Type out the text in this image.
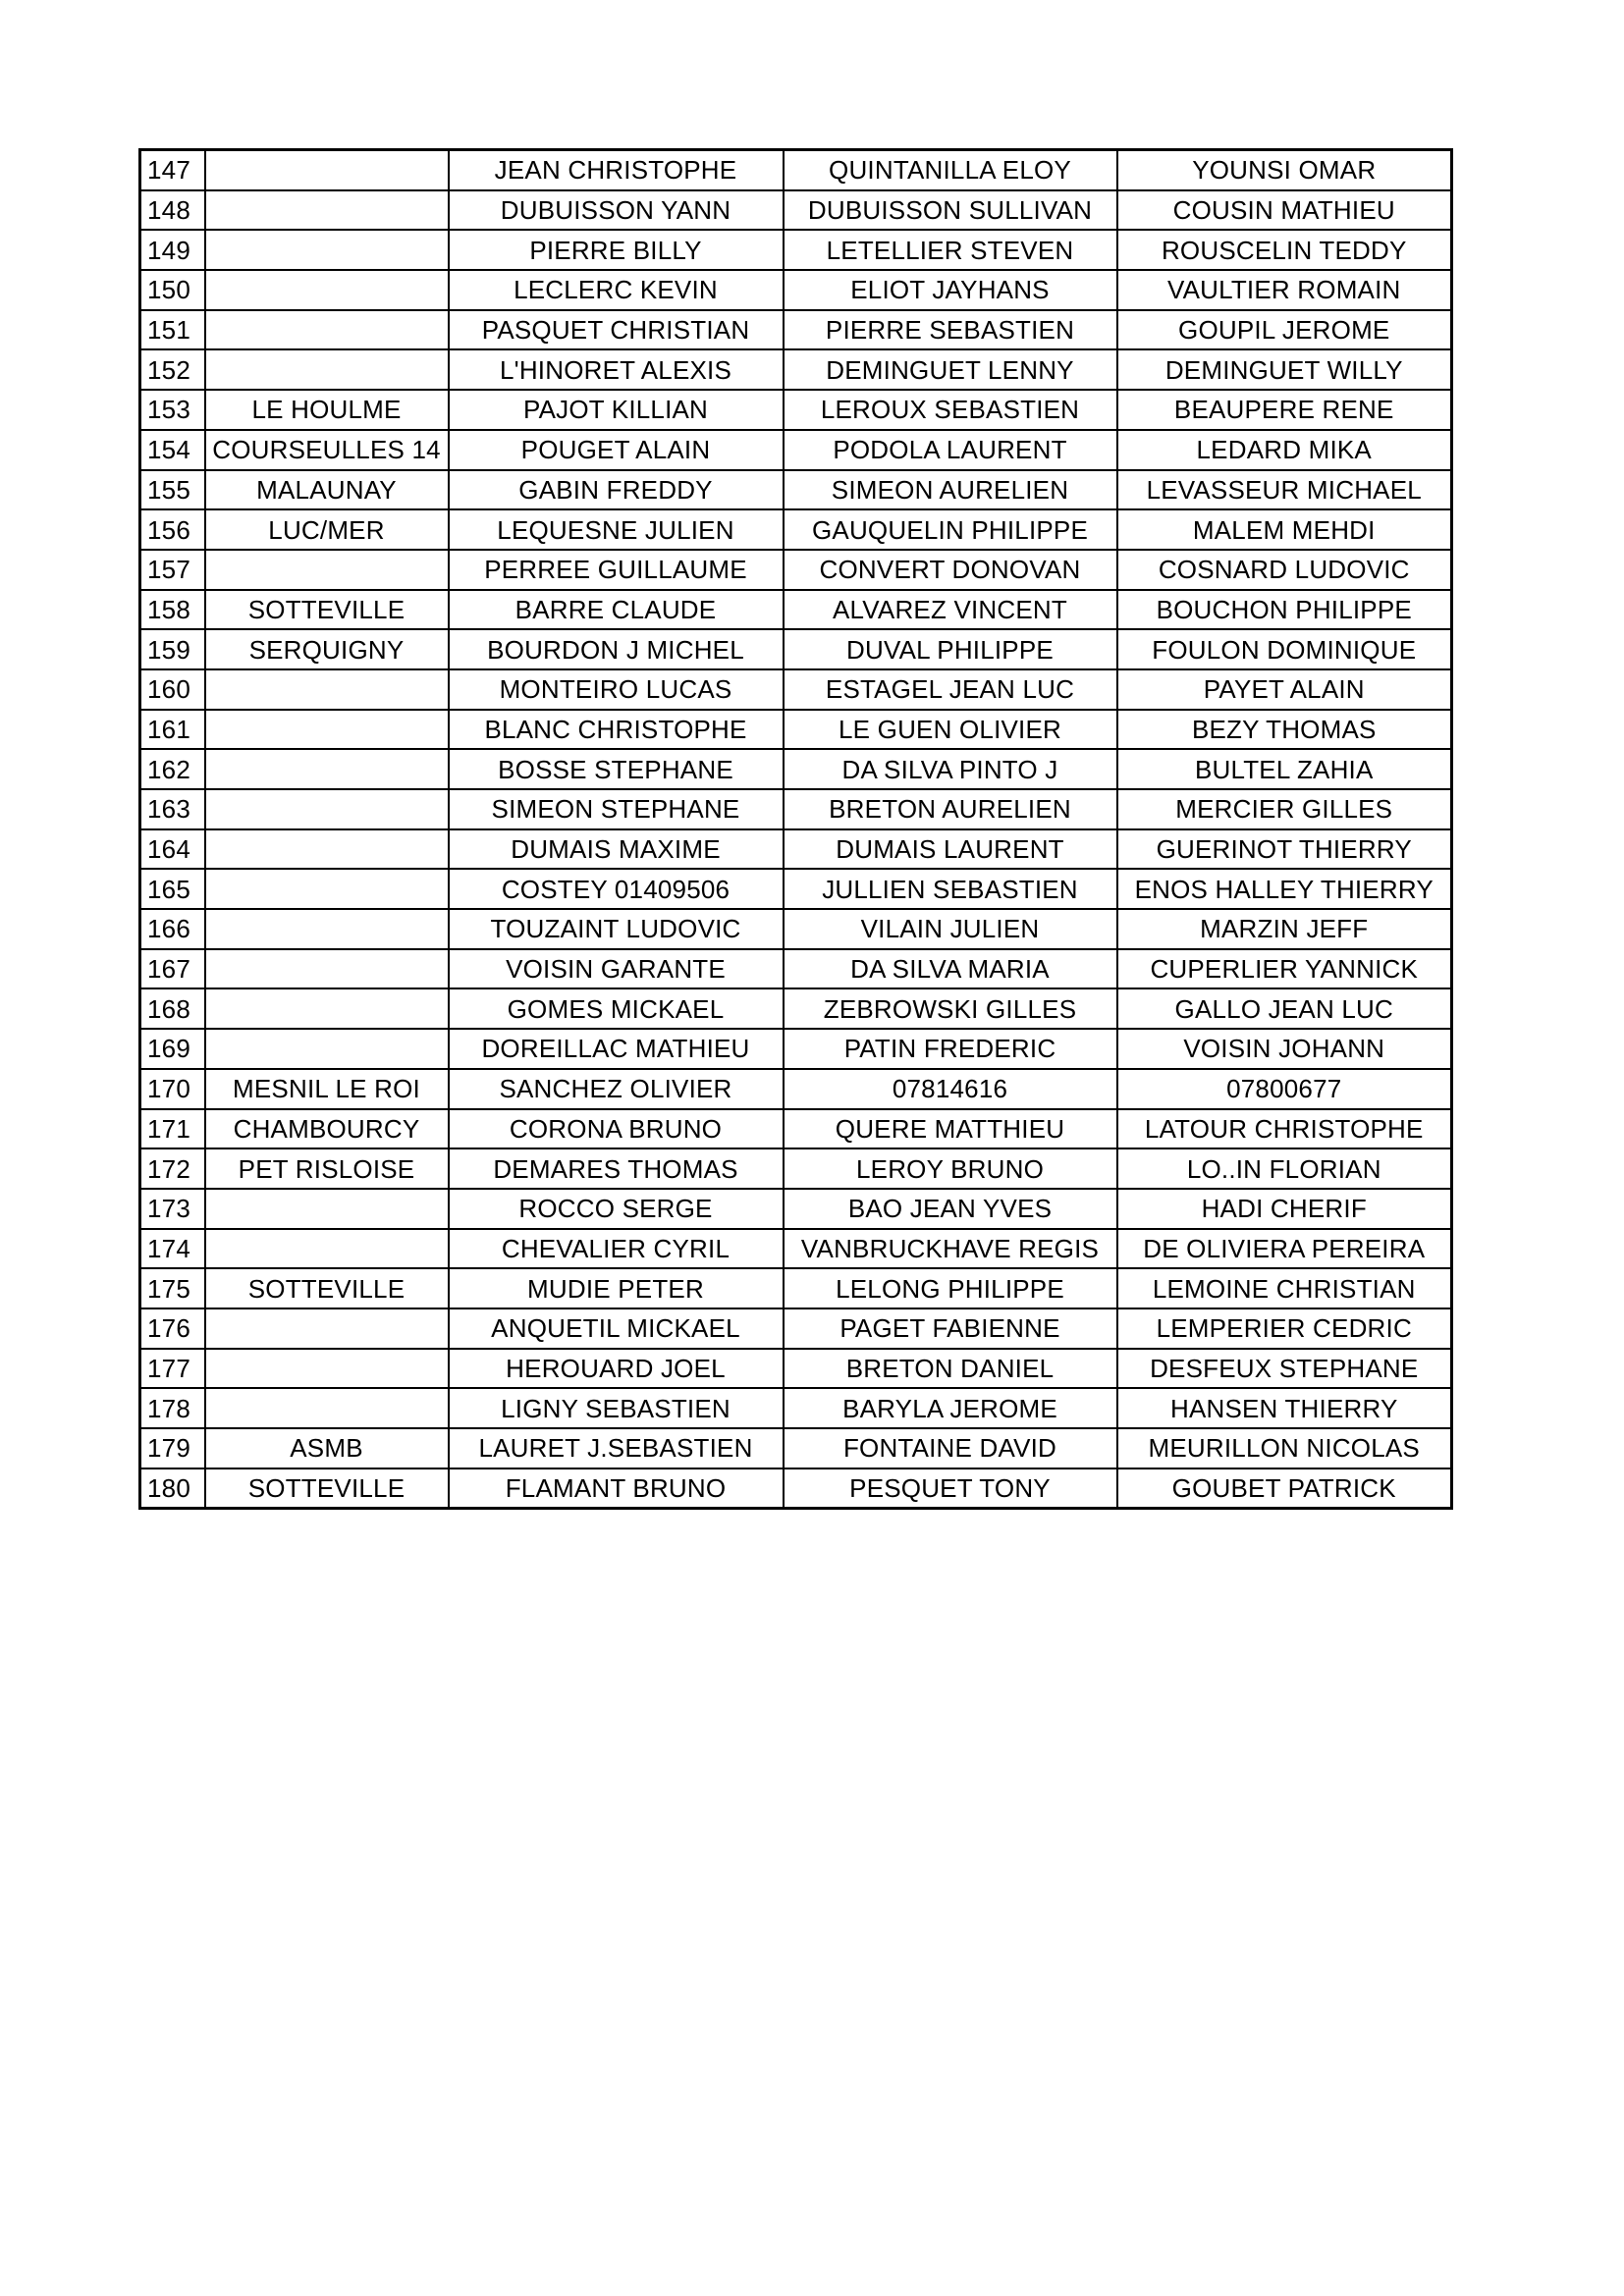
147		JEAN CHRISTOPHE	QUINTANILLA ELOY	YOUNSI OMAR
148		DUBUISSON YANN	DUBUISSON SULLIVAN	COUSIN MATHIEU
149		PIERRE BILLY	LETELLIER STEVEN	ROUSCELIN TEDDY
150		LECLERC KEVIN	ELIOT JAYHANS	VAULTIER ROMAIN
151		PASQUET CHRISTIAN	PIERRE SEBASTIEN	GOUPIL JEROME
152		L'HINORET ALEXIS	DEMINGUET LENNY	DEMINGUET WILLY
153	LE HOULME	PAJOT KILLIAN	LEROUX SEBASTIEN	BEAUPERE RENE
154	COURSEULLES 14	POUGET ALAIN	PODOLA LAURENT	LEDARD MIKA
155	MALAUNAY	GABIN FREDDY	SIMEON AURELIEN	LEVASSEUR MICHAEL
156	LUC/MER	LEQUESNE JULIEN	GAUQUELIN PHILIPPE	MALEM MEHDI
157		PERREE GUILLAUME	CONVERT DONOVAN	COSNARD LUDOVIC
158	SOTTEVILLE	BARRE CLAUDE	ALVAREZ VINCENT	BOUCHON PHILIPPE
159	SERQUIGNY	BOURDON J MICHEL	DUVAL PHILIPPE	FOULON DOMINIQUE
160		MONTEIRO LUCAS	ESTAGEL JEAN LUC	PAYET ALAIN
161		BLANC CHRISTOPHE	LE GUEN OLIVIER	BEZY THOMAS
162		BOSSE STEPHANE	DA SILVA PINTO J	BULTEL ZAHIA
163		SIMEON STEPHANE	BRETON AURELIEN	MERCIER GILLES
164		DUMAIS MAXIME	DUMAIS LAURENT	GUERINOT THIERRY
165		COSTEY 01409506	JULLIEN SEBASTIEN	ENOS HALLEY THIERRY
166		TOUZAINT LUDOVIC	VILAIN JULIEN	MARZIN JEFF
167		VOISIN GARANTE	DA SILVA MARIA	CUPERLIER YANNICK
168		GOMES MICKAEL	ZEBROWSKI GILLES	GALLO JEAN LUC
169		DOREILLAC MATHIEU	PATIN FREDERIC	VOISIN JOHANN
170	MESNIL LE ROI	SANCHEZ OLIVIER	07814616	07800677
171	CHAMBOURCY	CORONA BRUNO	QUERE MATTHIEU	LATOUR CHRISTOPHE
172	PET RISLOISE	DEMARES THOMAS	LEROY BRUNO	LO..IN FLORIAN
173		ROCCO SERGE	BAO JEAN YVES	HADI CHERIF
174		CHEVALIER CYRIL	VANBRUCKHAVE REGIS	DE OLIVIERA PEREIRA
175	SOTTEVILLE	MUDIE PETER	LELONG PHILIPPE	LEMOINE CHRISTIAN
176		ANQUETIL MICKAEL	PAGET FABIENNE	LEMPERIER CEDRIC
177		HEROUARD JOEL	BRETON DANIEL	DESFEUX STEPHANE
178		LIGNY SEBASTIEN	BARYLA JEROME	HANSEN THIERRY
179	ASMB	LAURET J.SEBASTIEN	FONTAINE DAVID	MEURILLON NICOLAS
180	SOTTEVILLE	FLAMANT BRUNO	PESQUET TONY	GOUBET PATRICK
